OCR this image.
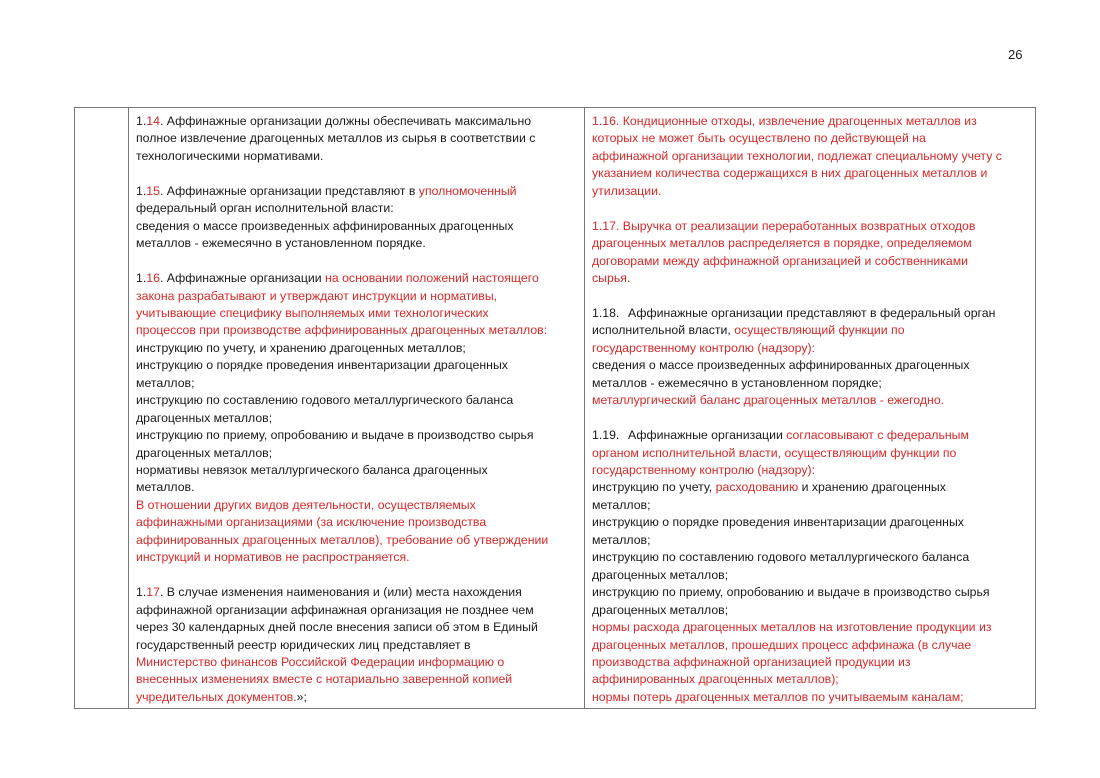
26
1.14. Аффинажные организации должны обеспечивать максимально
полное извлечение драгоценных металлов из сырья в соответствии с
технологическими нормативами.
1.15. Аффинажные организации представляют в уполномоченный
федеральный орган исполнительной власти:
сведения о массе произведенных аффинированных драгоценных
металлов - ежемесячно в установленном порядке.
1.16. Аффинажные организации на основании положений настоящего
закона разрабатывают и утверждают инструкции и нормативы,
учитывающие специфику выполняемых ими технологических
процессов при производстве аффинированных драгоценных металлов:
инструкцию по учету, и хранению драгоценных металлов;
инструкцию о порядке проведения инвентаризации драгоценных
металлов;
инструкцию по составлению годового металлургического баланса
драгоценных металлов;
инструкцию по приему, опробованию и выдаче в производство сырья
драгоценных металлов;
нормативы невязок металлургического баланса драгоценных
металлов.
В отношении других видов деятельности, осуществляемых
аффинажными организациями (за исключение производства
аффинированных драгоценных металлов), требование об утверждении
инструкций и нормативов не распространяется.
1.17. В случае изменения наименования и (или) места нахождения
аффинажной организации аффинажная организация не позднее чем
через 30 календарных дней после внесения записи об этом в Единый
государственный реестр юридических лиц представляет в
Министерство финансов Российской Федерации информацию о
внесенных изменениях вместе с нотариально заверенной копией
учредительных документов.»;
1.16. Кондиционные отходы, извлечение драгоценных металлов из
которых не может быть осуществлено по действующей на
аффинажной организации технологии, подлежат специальному учету с
указанием количества содержащихся в них драгоценных металлов и
утилизации.
1.17. Выручка от реализации переработанных возвратных отходов
драгоценных металлов распределяется в порядке, определяемом
договорами между аффинажной организацией и собственниками
сырья.
1.18. Аффинажные организации представляют в федеральный орган
исполнительной власти, осуществляющий функции по
государственному контролю (надзору):
сведения о массе произведенных аффинированных драгоценных
металлов - ежемесячно в установленном порядке;
металлургический баланс драгоценных металлов - ежегодно.
1.19. Аффинажные организации согласовывают с федеральным
органом исполнительной власти, осуществляющим функции по
государственному контролю (надзору):
инструкцию по учету, расходованию и хранению драгоценных
металлов;
инструкцию о порядке проведения инвентаризации драгоценных
металлов;
инструкцию по составлению годового металлургического баланса
драгоценных металлов;
инструкцию по приему, опробованию и выдаче в производство сырья
драгоценных металлов;
нормы расхода драгоценных металлов на изготовление продукции из
драгоценных металлов, прошедших процесс аффинажа (в случае
производства аффинажной организацией продукции из
аффинированных драгоценных металлов);
нормы потерь драгоценных металлов по учитываемым каналам;
